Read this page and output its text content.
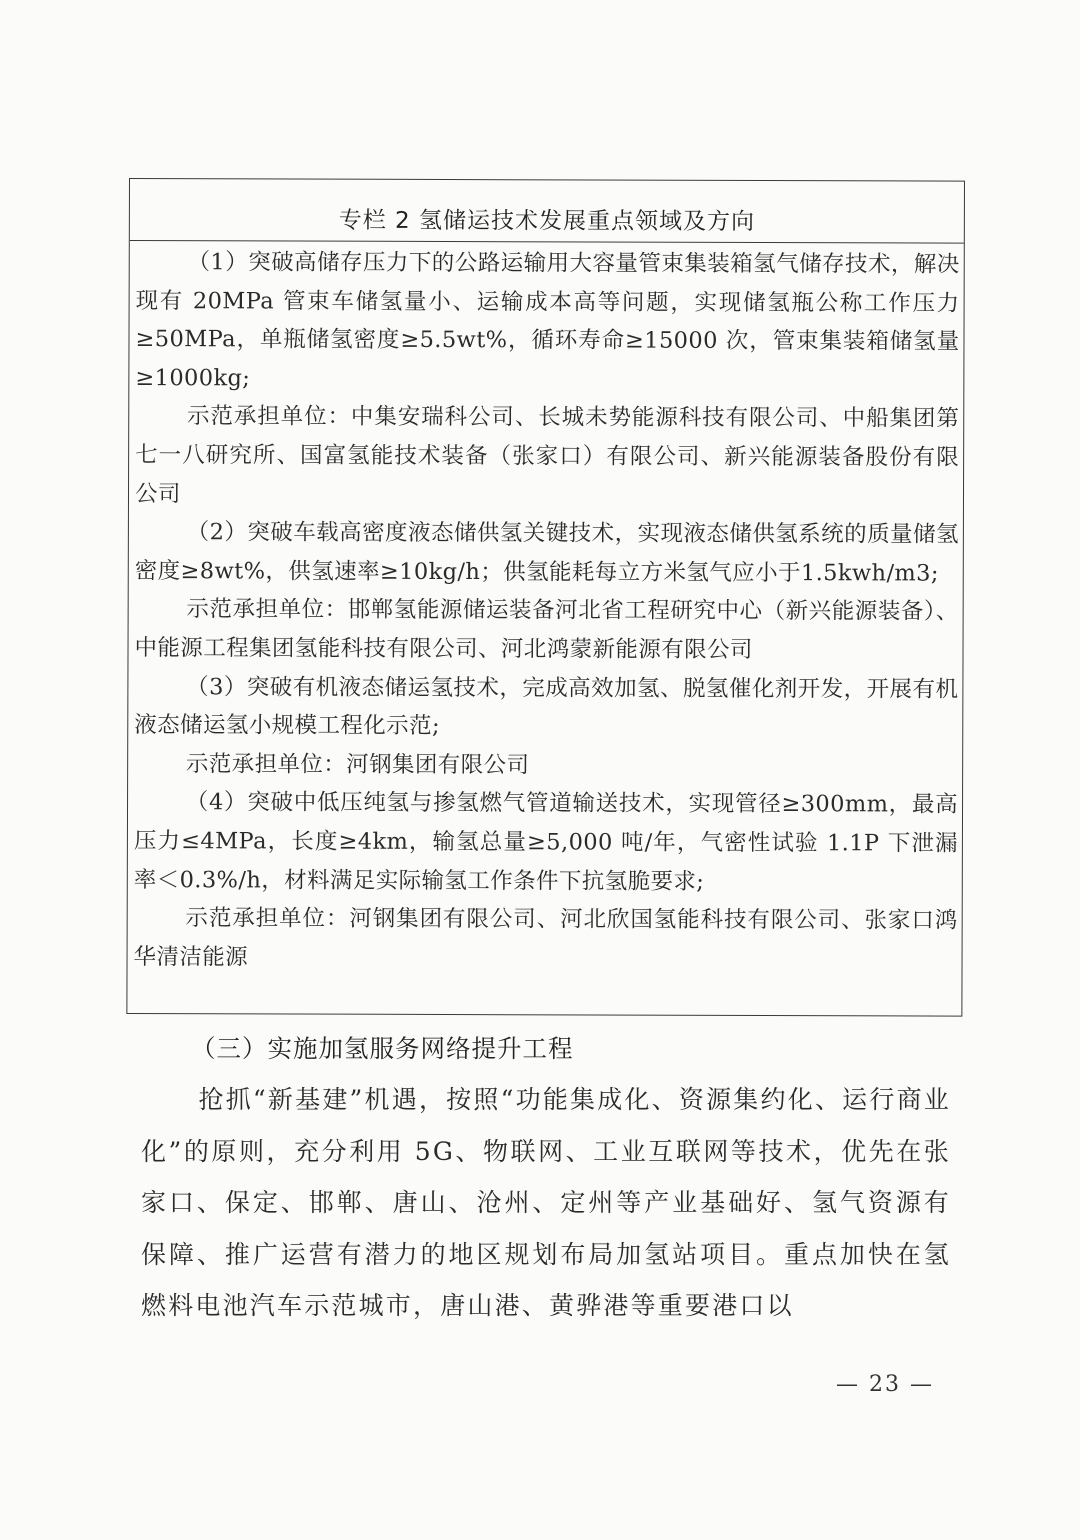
专栏 2 氢储运技术发展重点领域及方向

（1）突破高储存压力下的公路运输用大容量管束集装箱氢气储存技术，解决现有 20MPa 管束车储氢量小、运输成本高等问题，实现储氢瓶公称工作压力≥50MPa，单瓶储氢密度≥5.5wt%，循环寿命≥15000 次，管束集装箱储氢量≥1000kg;

示范承担单位：中集安瑞科公司、长城未势能源科技有限公司、中船集团第七一八研究所、国富氢能技术装备（张家口）有限公司、新兴能源装备股份有限公司

（2）突破车载高密度液态储供氢关键技术，实现液态储供氢系统的质量储氢密度≥8wt%，供氢速率≥10kg/h；供氢能耗每立方米氢气应小于1.5kwh/m3;

示范承担单位：邯郸氢能源储运装备河北省工程研究中心（新兴能源装备）、中能源工程集团氢能科技有限公司、河北鸿蒙新能源有限公司

（3）突破有机液态储运氢技术，完成高效加氢、脱氢催化剂开发，开展有机液态储运氢小规模工程化示范;

示范承担单位：河钢集团有限公司

（4）突破中低压纯氢与掺氢燃气管道输送技术，实现管径≥300mm，最高压力≤4MPa，长度≥4km，输氢总量≥5,000 吨/年，气密性试验 1.1P 下泄漏率＜0.3%/h，材料满足实际输氢工作条件下抗氢脆要求;

示范承担单位：河钢集团有限公司、河北欣国氢能科技有限公司、张家口鸿华清洁能源

（三）实施加氢服务网络提升工程

抢抓“新基建”机遇，按照“功能集成化、资源集约化、运行商业化”的原则，充分利用 5G、物联网、工业互联网等技术，优先在张家口、保定、邯郸、唐山、沧州、定州等产业基础好、氢气资源有保障、推广运营有潜力的地区规划布局加氢站项目。重点加快在氢燃料电池汽车示范城市，唐山港、黄骅港等重要港口以

— 23 —
